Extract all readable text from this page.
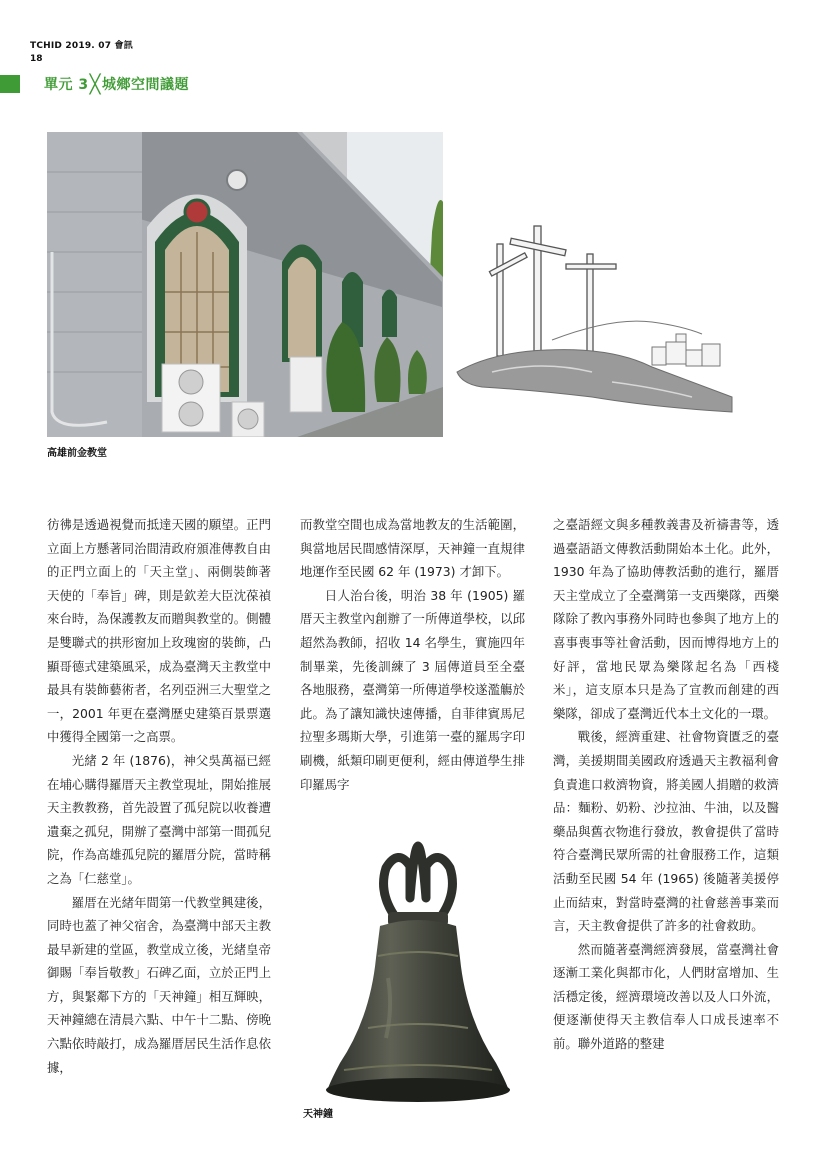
TCHID 2019. 07 會訊
18
單元 3╳城鄉空間議題
高雄前金教堂

彷彿是透過視覺而抵達天國的願望。正門立面上方懸著同治間清政府頒准傳教自由的正門立面上的「天主堂」、兩側裝飾著天使的「奉旨」碑，則是欽差大臣沈葆禎來台時，為保護教友而贈與教堂的。側體是雙聯式的拱形窗加上玫瑰窗的裝飾，凸顯哥德式建築風采，成為臺灣天主教堂中最具有裝飾藝術者，名列亞洲三大聖堂之一，2001 年更在臺灣歷史建築百景票選中獲得全國第一之高票。

光緒 2 年 (1876)，神父吳萬福已經在埔心購得羅厝天主教堂現址，開始推展天主教教務，首先設置了孤兒院以收養遭遺棄之孤兒，開辦了臺灣中部第一間孤兒院，作為高雄孤兒院的羅厝分院，當時稱之為「仁慈堂」。

羅厝在光緒年間第一代教堂興建後，同時也蓋了神父宿舍，為臺灣中部天主教最早新建的堂區，教堂成立後，光緒皇帝御賜「奉旨敬教」石碑乙面，立於正門上方，與緊鄰下方的「天神鐘」相互輝映，天神鐘總在清晨六點、中午十二點、傍晚六點依時敲打，成為羅厝居民生活作息依據，

而教堂空間也成為當地教友的生活範圍，與當地居民間感情深厚，天神鐘一直規律地運作至民國 62 年 (1973) 才卸下。

日人治台後，明治 38 年 (1905) 羅厝天主教堂內創辦了一所傳道學校，以邱超然為教師，招收 14 名學生，實施四年制畢業，先後訓練了 3 屆傳道員至全臺各地服務，臺灣第一所傳道學校遂濫觴於此。為了讓知識快速傳播，自菲律賓馬尼拉聖多瑪斯大學，引進第一臺的羅馬字印刷機，紙類印刷更便利，經由傳道學生排印羅馬字

之臺語經文與多種教義書及祈禱書等，透過臺語語文傳教活動開始本土化。此外，1930 年為了協助傳教活動的進行，羅厝天主堂成立了全臺灣第一支西樂隊，西樂隊除了教內事務外同時也參與了地方上的喜事喪事等社會活動，因而博得地方上的好評，當地民眾為樂隊起名為「西棧米」，這支原本只是為了宣教而創建的西樂隊，卻成了臺灣近代本土文化的一環。

戰後，經濟重建、社會物資匱乏的臺灣，美援期間美國政府透過天主教福利會負責進口救濟物資，將美國人捐贈的救濟品：麵粉、奶粉、沙拉油、牛油，以及醫藥品與舊衣物進行發放，教會提供了當時符合臺灣民眾所需的社會服務工作，這類活動至民國 54 年 (1965) 後隨著美援停止而結束，對當時臺灣的社會慈善事業而言，天主教會提供了許多的社會救助。

然而隨著臺灣經濟發展，當臺灣社會逐漸工業化與都市化，人們財富增加、生活穩定後，經濟環境改善以及人口外流，便逐漸使得天主教信奉人口成長速率不前。聯外道路的整建

天神鐘
